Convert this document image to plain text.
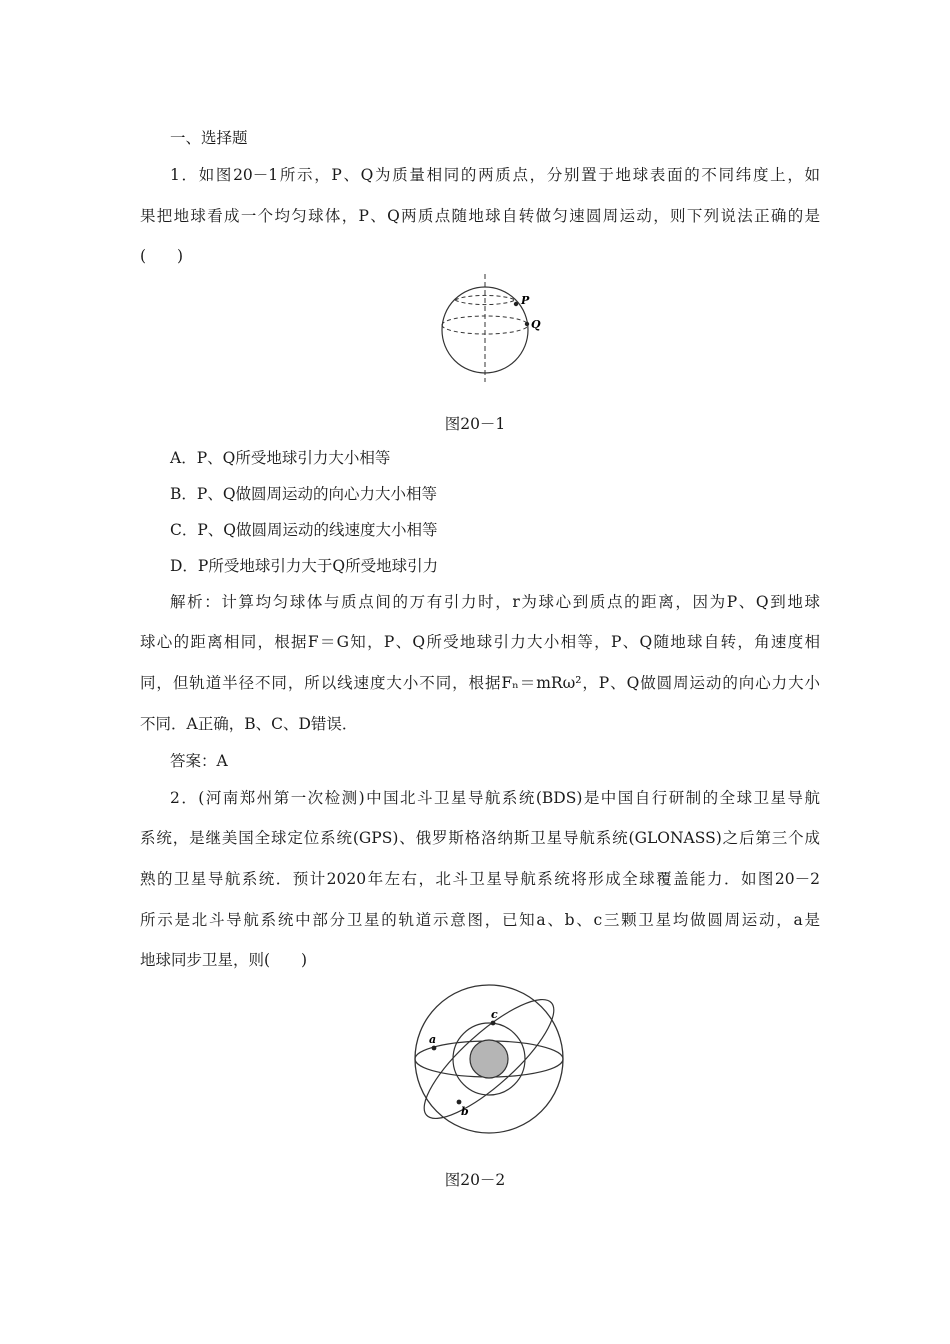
一、选择题
1．如图20－1所示，P、Q为质量相同的两质点，分别置于地球表面的不同纬度上，如
果把地球看成一个均匀球体，P、Q两质点随地球自转做匀速圆周运动，则下列说法正确的是
(　　)
P
Q
图20－1
A．P、Q所受地球引力大小相等
B．P、Q做圆周运动的向心力大小相等
C．P、Q做圆周运动的线速度大小相等
D．P所受地球引力大于Q所受地球引力
解析：计算均匀球体与质点间的万有引力时，r为球心到质点的距离，因为P、Q到地球
球心的距离相同，根据F＝G知，P、Q所受地球引力大小相等，P、Q随地球自转，角速度相
同，但轨道半径不同，所以线速度大小不同，根据Fₙ＝mRω²，P、Q做圆周运动的向心力大小
不同．A正确，B、C、D错误．
答案：A
2．(河南郑州第一次检测)中国北斗卫星导航系统(BDS)是中国自行研制的全球卫星导航
系统，是继美国全球定位系统(GPS)、俄罗斯格洛纳斯卫星导航系统(GLONASS)之后第三个成
熟的卫星导航系统．预计2020年左右，北斗卫星导航系统将形成全球覆盖能力．如图20－2
所示是北斗导航系统中部分卫星的轨道示意图，已知a、b、c三颗卫星均做圆周运动，a是
地球同步卫星，则(　　)
a
b
c
图20－2
